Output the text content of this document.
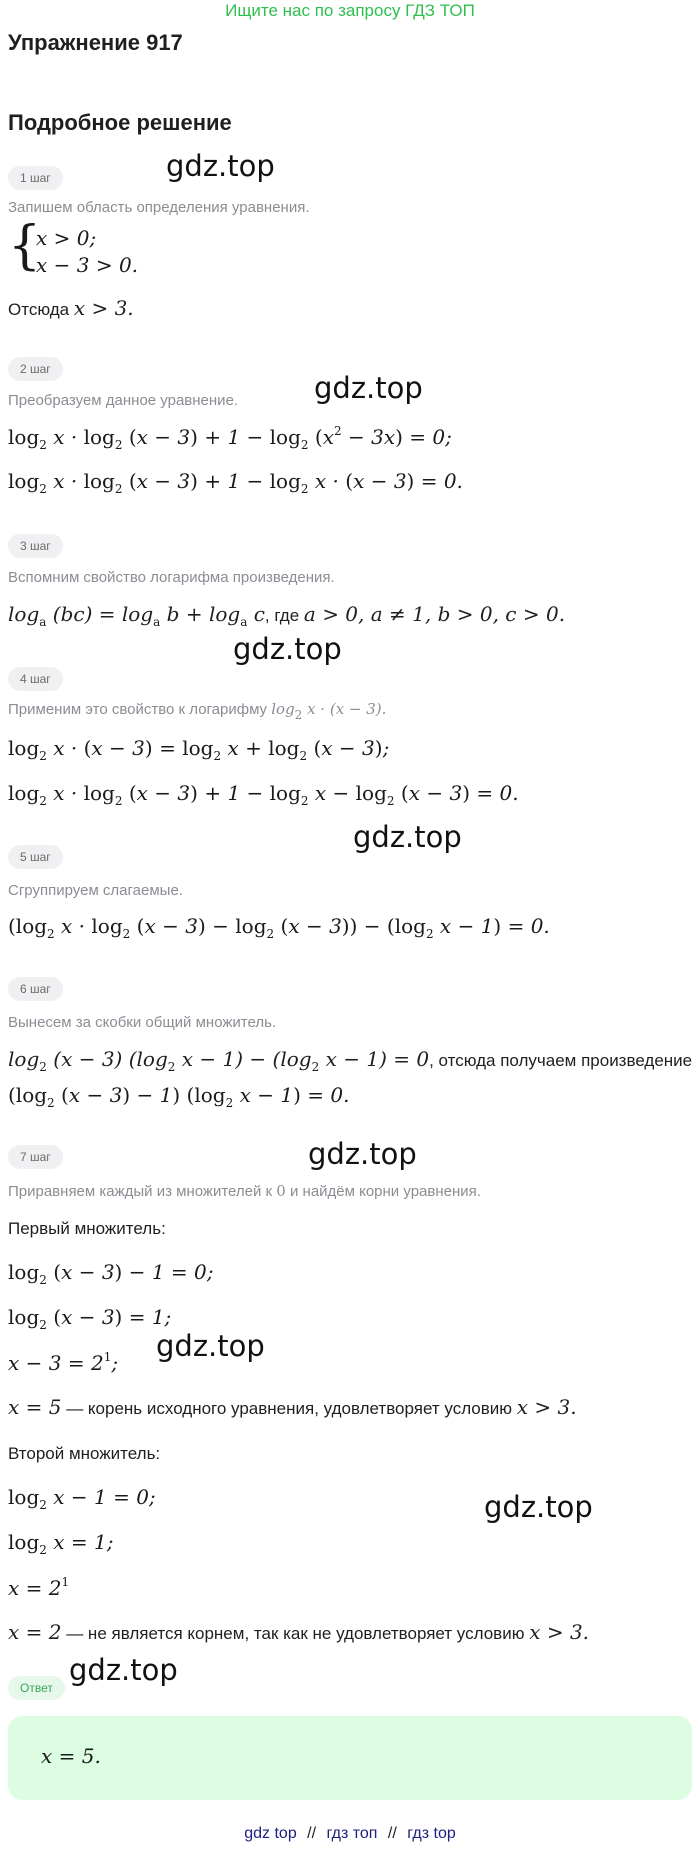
Ищите нас по запросу ГДЗ ТОП
Упражнение 917
Подробное решение
1 шаг	gdz.top
Запишем область определения уравнения.
{
x > 0;
x − 3 > 0.
Отсюда x > 3.
2 шаг
gdz.top
Преобразуем данное уравнение.
$\log_2 x \cdot \log_2 (x - 3) + 1 - \log_2 (x^2 - 3x) = 0$;
$\log_2 x \cdot \log_2 (x - 3) + 1 - \log_2 x \cdot (x - 3) = 0$.
3 шаг
Вспомним свойство логарифма произведения.
$\log_a (bc) = \log_a b + \log_a c$, где a > 0, a ≠ 1, b > 0, c > 0.
gdz.top
4 шаг
Применим это свойство к логарифму $\log_2 x \cdot (x - 3)$.
$\log_2 x \cdot (x - 3) = \log_2 x + \log_2 (x - 3)$;
$\log_2 x \cdot \log_2 (x - 3) + 1 - \log_2 x - \log_2 (x - 3) = 0$.
gdz.top
5 шаг
Сгруппируем слагаемые.
($\log_2$ $x \cdot \log_2 (x - 3) - \log_2 (x - 3)) - (\log_2$ x − 1) = 0.
6 шаг
Вынесем за скобки общий множитель.
$\log_2 (x - 3)$ ($\log_2$ $x - 1) - (\log_2$ x − 1) = 0, отсюда получаем произведение
($\log_2$ (x − 3) − 1) ($\log_2$ x − 1) = 0.
7 шаг	gdz.top
Приравняем каждый из множителей к 0 и найдём корни уравнения.
Первый множитель:
$\log_2 (x - 3) - 1 = 0$;
$\log_2 (x - 3) = 1$;
$x - 3 = 2^1$; gdz.top
x = 5 — корень исходного уравнения, удовлетворяет условию x > 3.
Второй множитель:
$\log_2 x - 1 = 0$;	gdz.top
$\log_2 x = 1$;
$x = 2^1$
x = 2 — не является корнем, так как не удовлетворяет условию x > 3.
Ответ
gdz.top
x = 5.
gdz top // гдз топ // гдз top
